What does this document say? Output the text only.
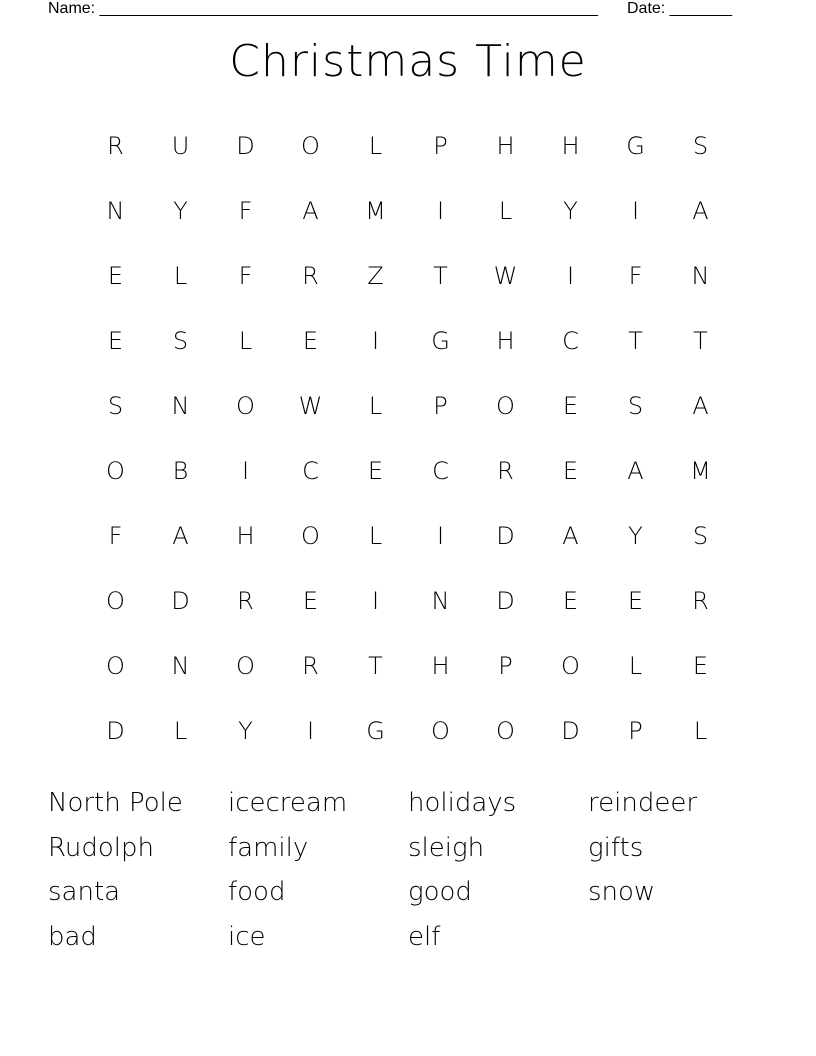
Name: ________________________________________________________ Date: _______
Christmas Time
R	U	D	O	L	P	H	H	G	S
N	Y	F	A	M	I	L	Y	I	A
E	L	F	R	Z	T	W	I	F	N
E	S	L	E	I	G	H	C	T	T
S	N	O	W	L	P	O	E	S	A
O	B	I	C	E	C	R	E	A	M
F	A	H	O	L	I	D	A	Y	S
O	D	R	E	I	N	D	E	E	R
O	N	O	R	T	H	P	O	L	E
D	L	Y	I	G	O	O	D	P	L
North Pole	icecream	holidays	reindeer
Rudolph	family	sleigh	gifts
santa	food	good	snow
bad	ice	elf
